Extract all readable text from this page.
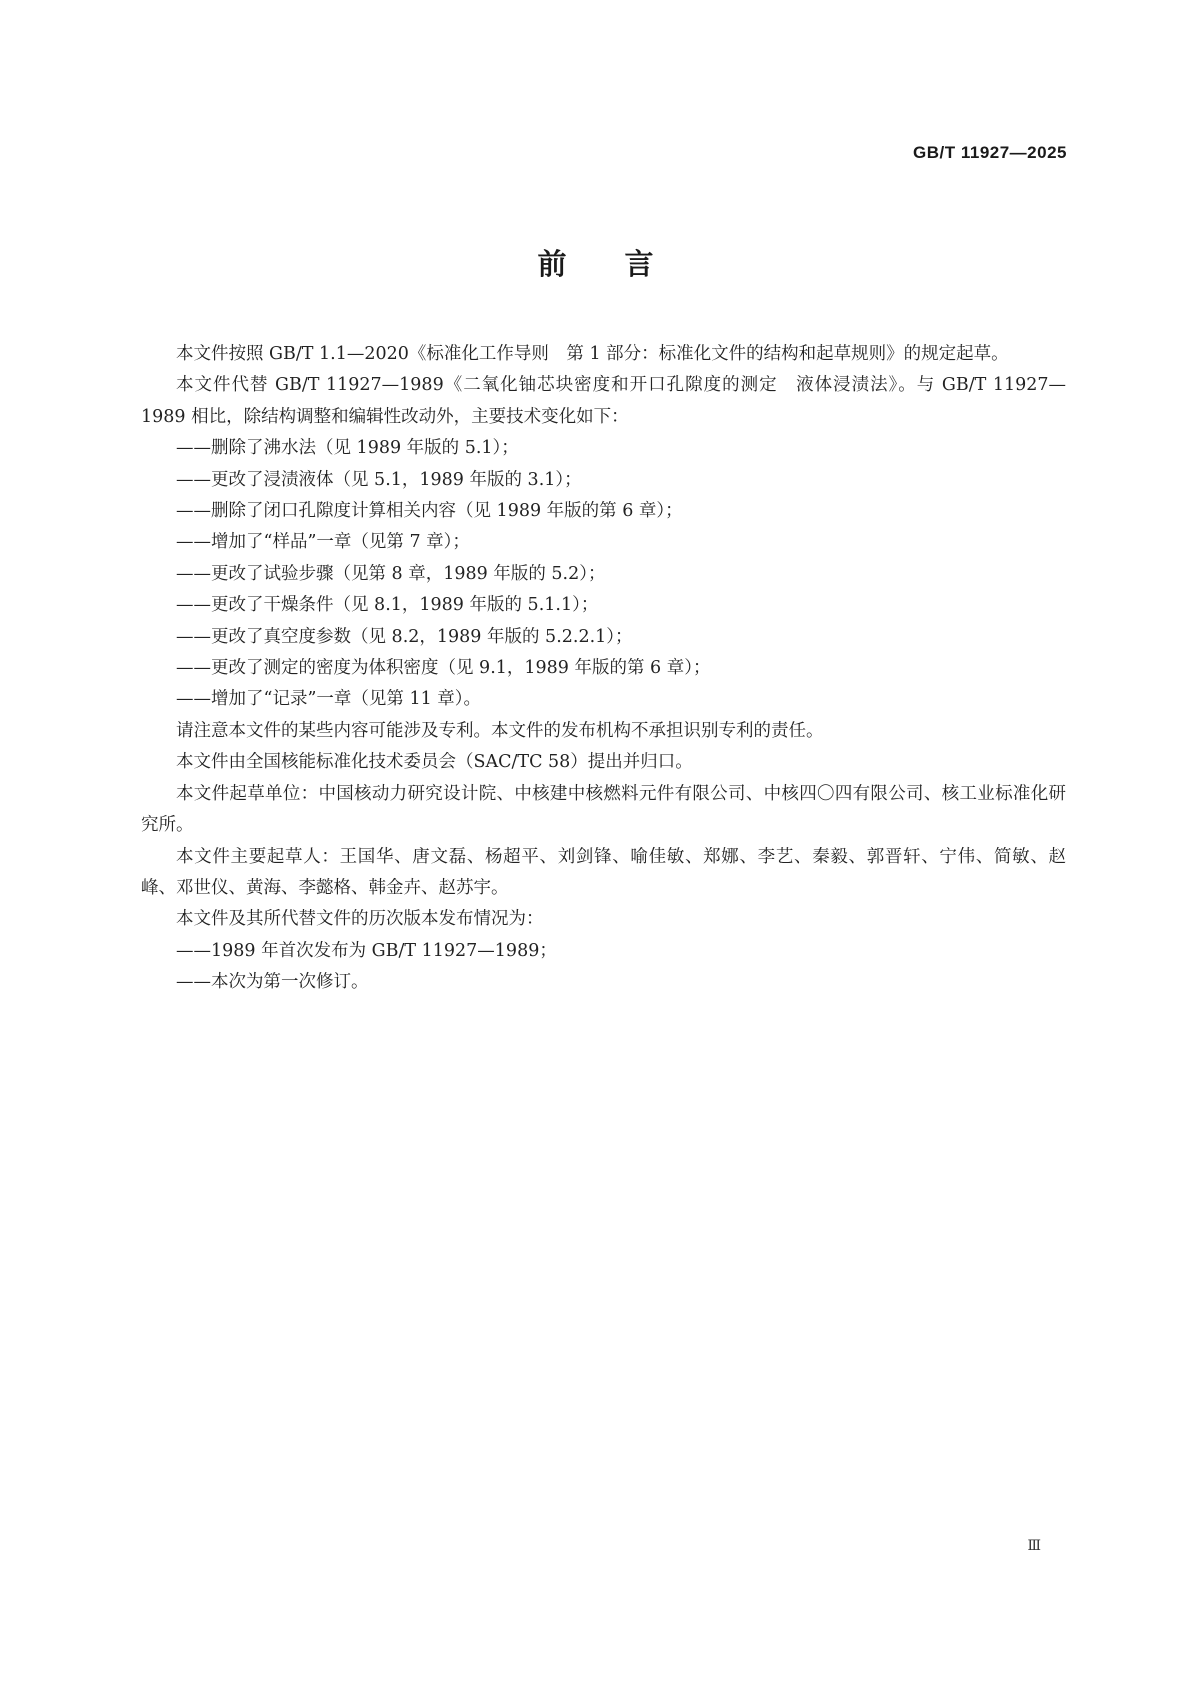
GB/T 11927—2025
前言

本文件按照 GB/T 1.1—2020《标准化工作导则　第 1 部分：标准化文件的结构和起草规则》的规定起草。

本文件代替 GB/T 11927—1989《二氧化铀芯块密度和开口孔隙度的测定　液体浸渍法》。与 GB/T 11927—1989 相比，除结构调整和编辑性改动外，主要技术变化如下：

——删除了沸水法（见 1989 年版的 5.1）；

——更改了浸渍液体（见 5.1，1989 年版的 3.1）；

——删除了闭口孔隙度计算相关内容（见 1989 年版的第 6 章）；

——增加了“样品”一章（见第 7 章）；

——更改了试验步骤（见第 8 章，1989 年版的 5.2）；

——更改了干燥条件（见 8.1，1989 年版的 5.1.1）；

——更改了真空度参数（见 8.2，1989 年版的 5.2.2.1）；

——更改了测定的密度为体积密度（见 9.1，1989 年版的第 6 章）；

——增加了“记录”一章（见第 11 章）。

请注意本文件的某些内容可能涉及专利。本文件的发布机构不承担识别专利的责任。

本文件由全国核能标准化技术委员会（SAC/TC 58）提出并归口。

本文件起草单位：中国核动力研究设计院、中核建中核燃料元件有限公司、中核四〇四有限公司、核工业标准化研究所。

本文件主要起草人：王国华、唐文磊、杨超平、刘剑锋、喻佳敏、郑娜、李艺、秦毅、郭晋轩、宁伟、简敏、赵峰、邓世仪、黄海、李懿格、韩金卉、赵苏宇。

本文件及其所代替文件的历次版本发布情况为：

——1989 年首次发布为 GB/T 11927—1989；

——本次为第一次修订。

Ⅲ
